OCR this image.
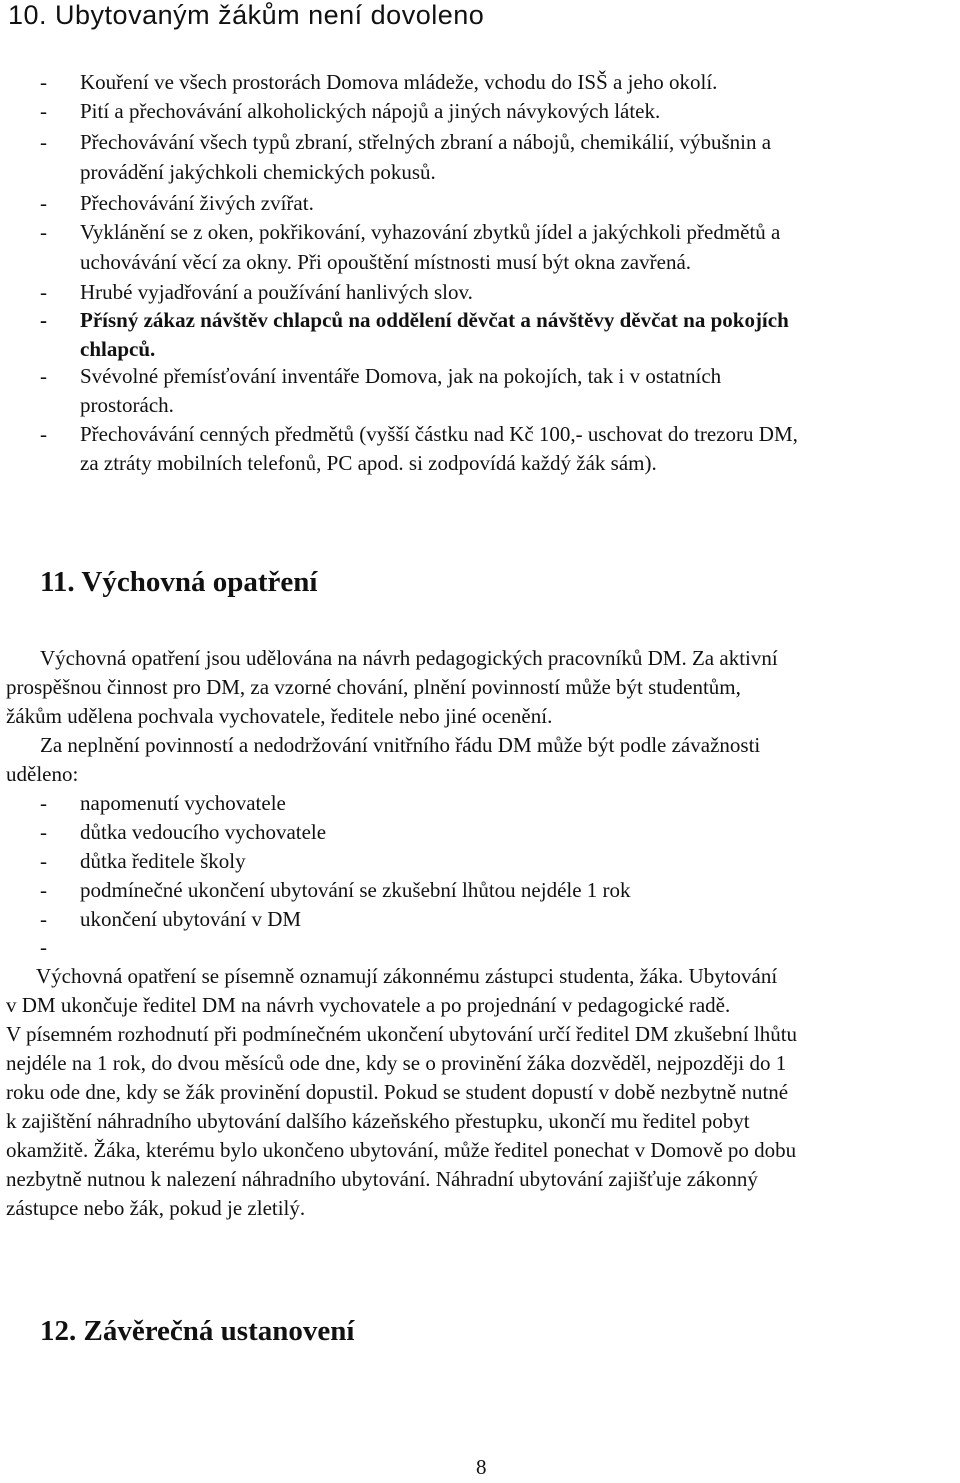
10. Ubytovaným žákům není dovoleno
- Kouření ve všech prostorách Domova mládeže, vchodu do ISŠ a jeho okolí.
- Pití a přechovávání alkoholických nápojů a jiných návykových látek.
- Přechovávání všech typů zbraní, střelných zbraní a nábojů, chemikálií, výbušnin a
provádění jakýchkoli chemických pokusů.
- Přechovávání živých zvířat.
- Vyklánění se z oken, pokřikování, vyhazování zbytků jídel a jakýchkoli předmětů a
uchovávání věcí za okny. Při opouštění místnosti musí být okna zavřená.
- Hrubé vyjadřování a používání hanlivých slov.
- Přísný zákaz návštěv chlapců na oddělení děvčat a návštěvy děvčat na pokojích
chlapců.
- Svévolné přemísťování inventáře Domova, jak na pokojích, tak i v ostatních
prostorách.
- Přechovávání cenných předmětů (vyšší částku nad Kč 100,- uschovat do trezoru DM,
za ztráty mobilních telefonů, PC apod. si zodpovídá každý žák sám).
11. Výchovná opatření
Výchovná opatření jsou udělována na návrh pedagogických pracovníků DM. Za aktivní
prospěšnou činnost pro DM, za vzorné chování, plnění povinností může být studentům,
žákům udělena pochvala vychovatele, ředitele nebo jiné ocenění.
Za neplnění povinností a nedodržování vnitřního řádu DM může být podle závažnosti
uděleno:
- napomenutí vychovatele
- důtka vedoucího vychovatele
- důtka ředitele školy
- podmínečné ukončení ubytování se zkušební lhůtou nejdéle 1 rok
- ukončení ubytování v DM
-
Výchovná opatření se písemně oznamují zákonnému zástupci studenta, žáka. Ubytování
v DM ukončuje ředitel DM na návrh vychovatele a po projednání v pedagogické radě.
V písemném rozhodnutí při podmínečném ukončení ubytování určí ředitel DM zkušební lhůtu
nejdéle na 1 rok, do dvou měsíců ode dne, kdy se o provinění žáka dozvěděl, nejpozději do 1
roku ode dne, kdy se žák provinění dopustil. Pokud se student dopustí v době nezbytně nutné
k zajištění náhradního ubytování dalšího kázeňského přestupku, ukončí mu ředitel pobyt
okamžitě. Žáka, kterému bylo ukončeno ubytování, může ředitel ponechat v Domově po dobu
nezbytně nutnou k nalezení náhradního ubytování. Náhradní ubytování zajišťuje zákonný
zástupce nebo žák, pokud je zletilý.
12. Závěrečná ustanovení
8
